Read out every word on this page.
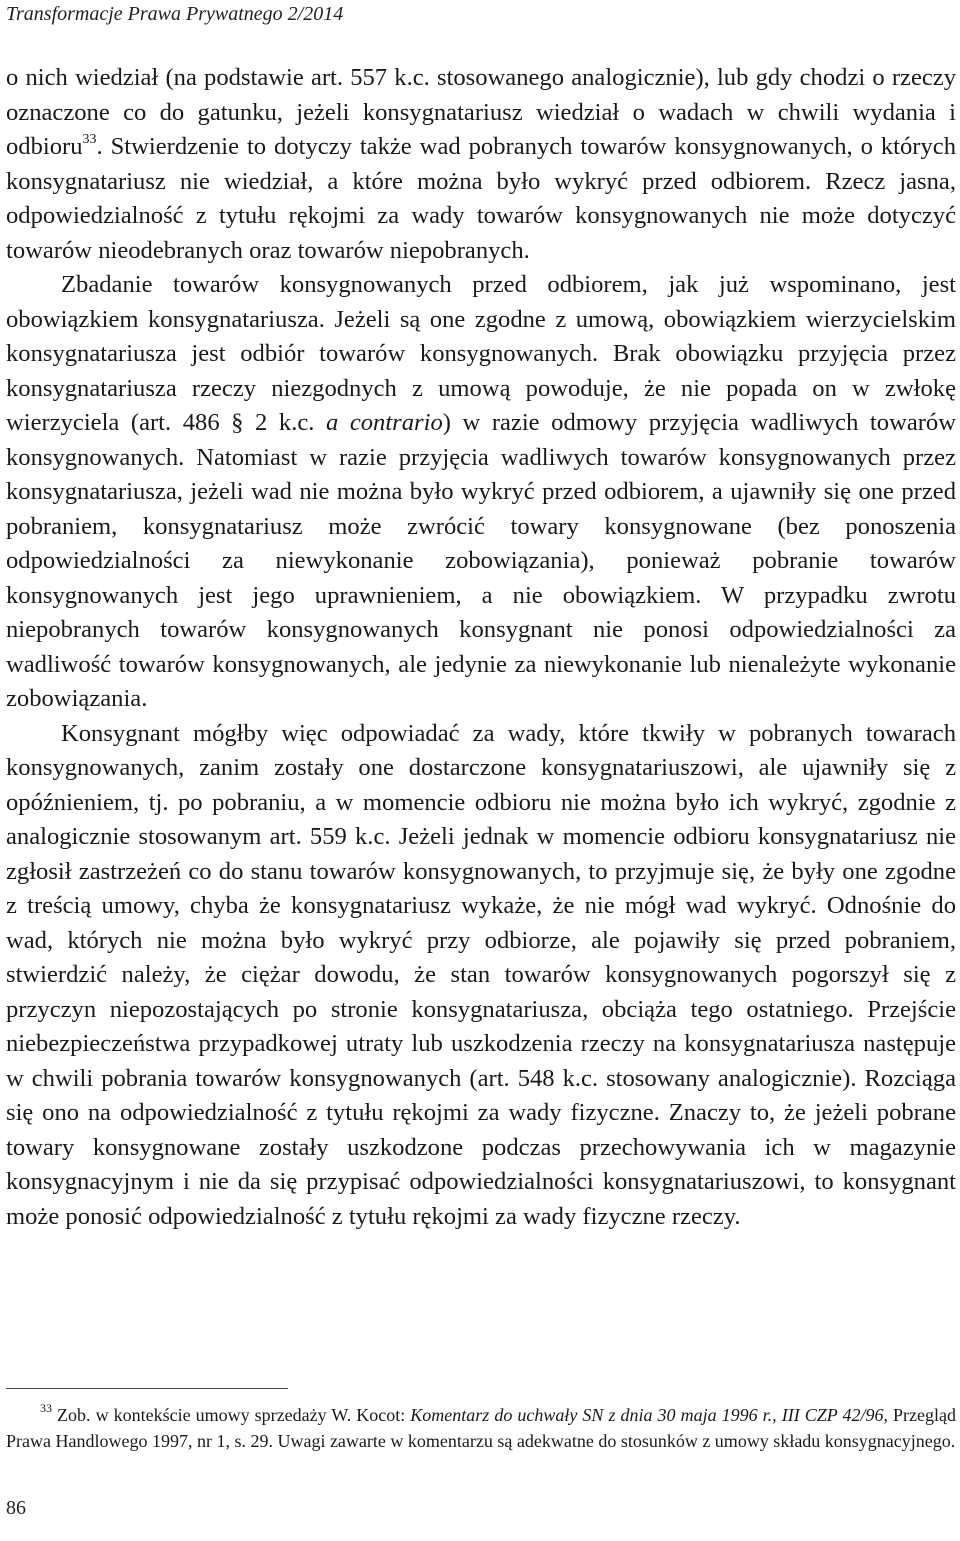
Transformacje Prawa Prywatnego 2/2014

o nich wiedział (na podstawie art. 557 k.c. stosowanego analogicznie), lub gdy chodzi o rzeczy oznaczone co do gatunku, jeżeli konsygnatariusz wiedział o wadach w chwili wydania i odbioru$^{33}$. Stwierdzenie to dotyczy także wad pobranych towarów konsygnowanych, o których konsygnatariusz nie wiedział, a które można było wykryć przed odbiorem. Rzecz jasna, odpowiedzialność z tytułu rękojmi za wady towarów konsygnowanych nie może dotyczyć towarów nieodebranych oraz towarów niepobranych.

Zbadanie towarów konsygnowanych przed odbiorem, jak już wspominano, jest obowiązkiem konsygnatariusza. Jeżeli są one zgodne z umową, obowiązkiem wierzycielskim konsygnatariusza jest odbiór towarów konsygnowanych. Brak obowiązku przyjęcia przez konsygnatariusza rzeczy niezgodnych z umową powoduje, że nie popada on w zwłokę wierzyciela (art. 486 § 2 k.c. a contrario) w razie odmowy przyjęcia wadliwych towarów konsygnowanych. Natomiast w razie przyjęcia wadliwych towarów konsygnowanych przez konsygnatariusza, jeżeli wad nie można było wykryć przed odbiorem, a ujawniły się one przed pobraniem, konsygnatariusz może zwrócić towary konsygnowane (bez ponoszenia odpowiedzialności za niewykonanie zobowiązania), ponieważ pobranie towarów konsygnowanych jest jego uprawnieniem, a nie obowiązkiem. W przypadku zwrotu niepobranych towarów konsygnowanych konsygnant nie ponosi odpowiedzialności za wadliwość towarów konsygnowanych, ale jedynie za niewykonanie lub nienależyte wykonanie zobowiązania.

Konsygnant mógłby więc odpowiadać za wady, które tkwiły w pobranych towarach konsygnowanych, zanim zostały one dostarczone konsygnatariuszowi, ale ujawniły się z opóźnieniem, tj. po pobraniu, a w momencie odbioru nie można było ich wykryć, zgodnie z analogicznie stosowanym art. 559 k.c. Jeżeli jednak w momencie odbioru konsygnatariusz nie zgłosił zastrzeżeń co do stanu towarów konsygnowanych, to przyjmuje się, że były one zgodne z treścią umowy, chyba że konsygnatariusz wykaże, że nie mógł wad wykryć. Odnośnie do wad, których nie można było wykryć przy odbiorze, ale pojawiły się przed pobraniem, stwierdzić należy, że ciężar dowodu, że stan towarów konsygnowanych pogorszył się z przyczyn niepozostających po stronie konsygnatariusza, obciąża tego ostatniego. Przejście niebezpieczeństwa przypadkowej utraty lub uszkodzenia rzeczy na konsygnatariusza następuje w chwili pobrania towarów konsygnowanych (art. 548 k.c. stosowany analogicznie). Rozciąga się ono na odpowiedzialność z tytułu rękojmi za wady fizyczne. Znaczy to, że jeżeli pobrane towary konsygnowane zostały uszkodzone podczas przechowywania ich w magazynie konsygnacyjnym i nie da się przypisać odpowiedzialności konsygnatariuszowi, to konsygnant może ponosić odpowiedzialność z tytułu rękojmi za wady fizyczne rzeczy.

$^{33}$ Zob. w kontekście umowy sprzedaży W. Kocot: Komentarz do uchwały SN z dnia 30 maja 1996 r., III CZP 42/96, Przegląd Prawa Handlowego 1997, nr 1, s. 29. Uwagi zawarte w komentarzu są adekwatne do stosunków z umowy składu konsygnacyjnego.

86
